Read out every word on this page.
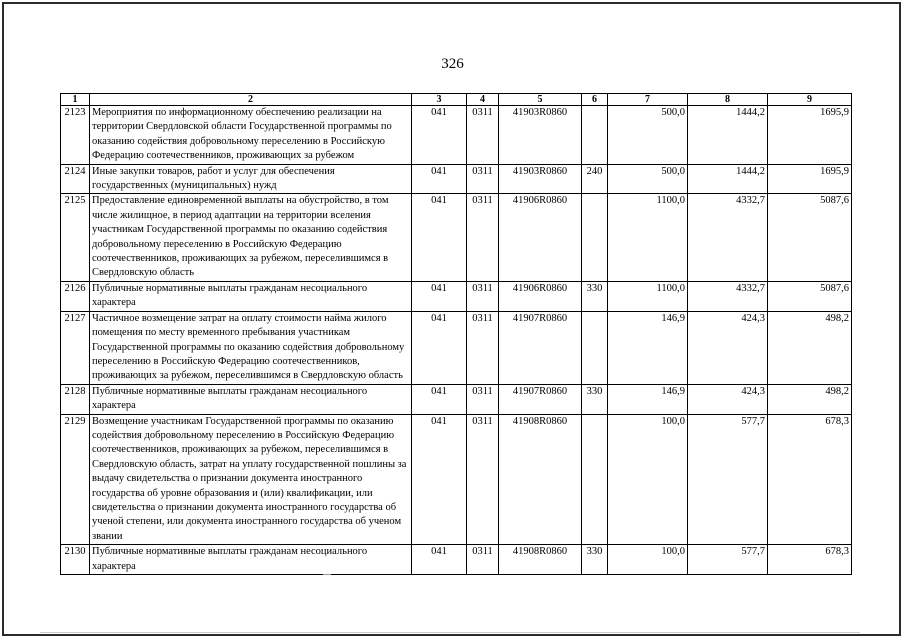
326
1	2	3	4	5	6	7	8	9
2123	Мероприятия по информационному обеспечению реализации на территории Свердловской области Государственной программы по оказанию содействия добровольному переселению в Российскую Федерацию соотечественников, проживающих за рубежом	041	0311	41903R0860		500,0	1444,2	1695,9
2124	Иные закупки товаров, работ и услуг для обеспечения государственных (муниципальных) нужд	041	0311	41903R0860	240	500,0	1444,2	1695,9
2125	Предоставление единовременной выплаты на обустройство, в том числе жилищное, в период адаптации на территории вселения участникам Государственной программы по оказанию содействия добровольному переселению в Российскую Федерацию соотечественников, проживающих за рубежом, переселившимся в Свердловскую область	041	0311	41906R0860		1100,0	4332,7	5087,6
2126	Публичные нормативные выплаты гражданам несоциального характера	041	0311	41906R0860	330	1100,0	4332,7	5087,6
2127	Частичное возмещение затрат на оплату стоимости найма жилого помещения по месту временного пребывания участникам Государственной программы по оказанию содействия добровольному переселению в Российскую Федерацию соотечественников, проживающих за рубежом, переселившимся в Свердловскую область	041	0311	41907R0860		146,9	424,3	498,2
2128	Публичные нормативные выплаты гражданам несоциального характера	041	0311	41907R0860	330	146,9	424,3	498,2
2129	Возмещение участникам Государственной программы по оказанию содействия добровольному переселению в Российскую Федерацию соотечественников, проживающих за рубежом, переселившимся в Свердловскую область, затрат на уплату государственной пошлины за выдачу свидетельства о признании документа иностранного государства об уровне образования и (или) квалификации, или свидетельства о признании документа иностранного государства об ученой степени, или документа иностранного государства об ученом звании	041	0311	41908R0860		100,0	577,7	678,3
2130	Публичные нормативные выплаты гражданам несоциального характера	041	0311	41908R0860	330	100,0	577,7	678,3
